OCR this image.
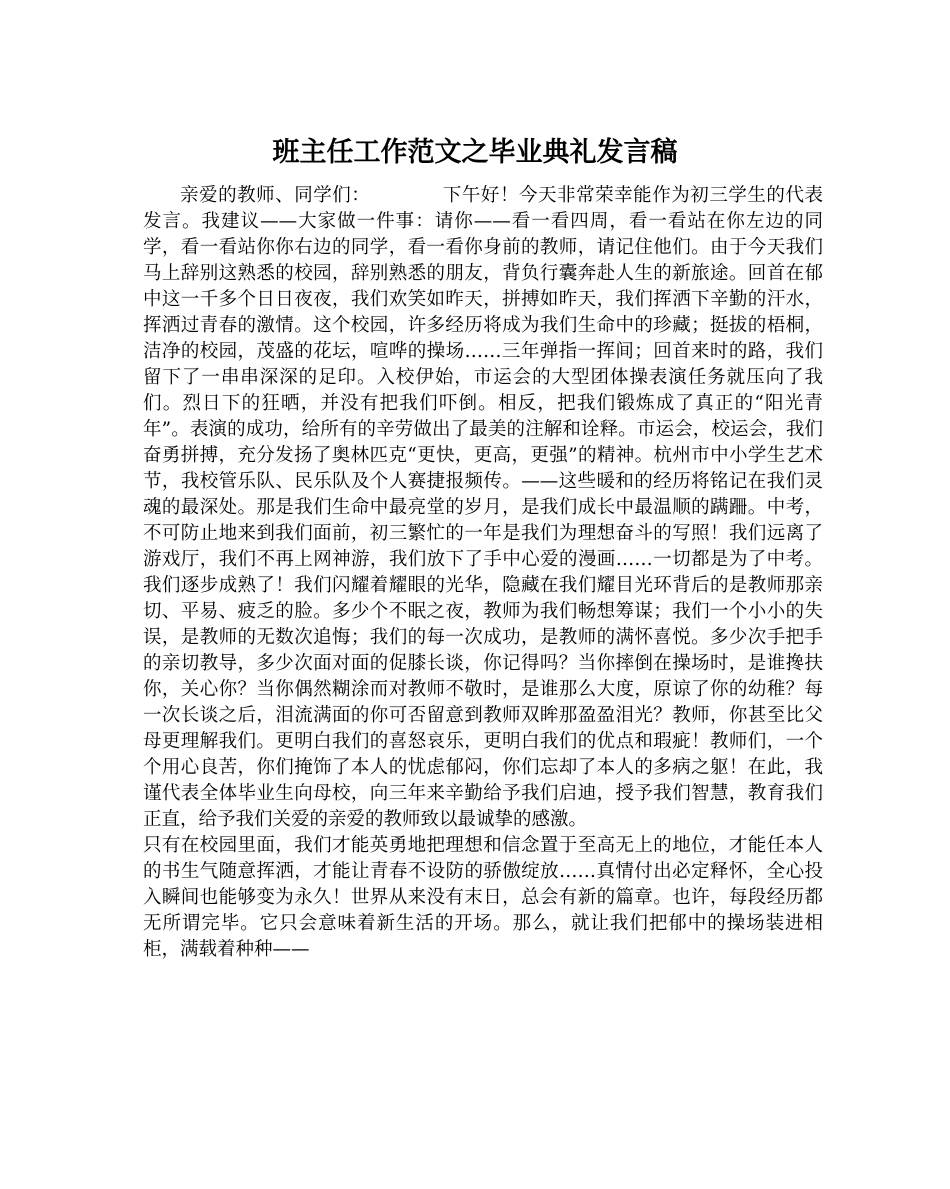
班主任工作范文之毕业典礼发言稿

亲爱的教师、同学们：	下午好！今天非常荣幸能作为初三学生的代表发言。我建议——大家做一件事：请你——看一看四周，看一看站在你左边的同学，看一看站你你右边的同学，看一看你身前的教师，请记住他们。由于今天我们马上辞别这熟悉的校园，辞别熟悉的朋友，背负行囊奔赴人生的新旅途。回首在郁中这一千多个日日夜夜，我们欢笑如昨天，拼搏如昨天，我们挥洒下辛勤的汗水，挥洒过青春的激情。这个校园，许多经历将成为我们生命中的珍藏；挺拔的梧桐，洁净的校园，茂盛的花坛，喧哗的操场……三年弹指一挥间；回首来时的路，我们留下了一串串深深的足印。入校伊始，市运会的大型团体操表演任务就压向了我们。烈日下的狂晒，并没有把我们吓倒。相反，把我们锻炼成了真正的“阳光青年”。表演的成功，给所有的辛劳做出了最美的注解和诠释。市运会，校运会，我们奋勇拼搏，充分发扬了奥林匹克“更快，更高，更强”的精神。杭州市中小学生艺术节，我校管乐队、民乐队及个人赛捷报频传。——这些暖和的经历将铭记在我们灵魂的最深处。那是我们生命中最亮堂的岁月，是我们成长中最温顺的蹒跚。中考，不可防止地来到我们面前，初三繁忙的一年是我们为理想奋斗的写照！我们远离了游戏厅，我们不再上网神游，我们放下了手中心爱的漫画……一切都是为了中考。我们逐步成熟了！我们闪耀着耀眼的光华，隐藏在我们耀目光环背后的是教师那亲切、平易、疲乏的脸。多少个不眠之夜，教师为我们畅想筹谋；我们一个小小的失误，是教师的无数次追悔；我们的每一次成功，是教师的满怀喜悦。多少次手把手的亲切教导，多少次面对面的促膝长谈，你记得吗？当你摔倒在操场时，是谁搀扶你，关心你？当你偶然糊涂而对教师不敬时，是谁那么大度，原谅了你的幼稚？每一次长谈之后，泪流满面的你可否留意到教师双眸那盈盈泪光？教师，你甚至比父母更理解我们。更明白我们的喜怒哀乐，更明白我们的优点和瑕疵！教师们，一个个用心良苦，你们掩饰了本人的忧虑郁闷，你们忘却了本人的多病之躯！在此，我谨代表全体毕业生向母校，向三年来辛勤给予我们启迪，授予我们智慧，教育我们正直，给予我们关爱的亲爱的教师致以最诚挚的感激。

只有在校园里面，我们才能英勇地把理想和信念置于至高无上的地位，才能任本人的书生气随意挥洒，才能让青春不设防的骄傲绽放……真情付出必定释怀，全心投入瞬间也能够变为永久！世界从来没有末日，总会有新的篇章。也许，每段经历都无所谓完毕。它只会意味着新生活的开场。那么，就让我们把郁中的操场装进相柜，满载着种种——
